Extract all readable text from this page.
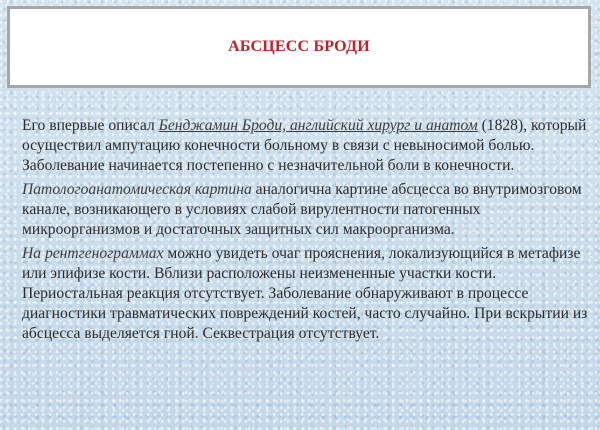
АБСЦЕСС БРОДИ

Его впервые описал Бенджамин Броди, английский хирург и анатом (1828), который осуществил ампутацию конечности больному в связи с невыносимой болью. Заболевание начинается постепенно с незначительной боли в конечности.

Патологоанатомическая картина аналогична картине абсцесса во внутримозговом канале, возникающего в условиях слабой вирулентности патогенных микроорганизмов и достаточных защитных сил макроорганизма.

На рентгенограммах можно увидеть очаг прояснения, локализующийся в метафизе или эпифизе кости. Вблизи расположены неизмененные участки кости. Периостальная реакция отсутствует. Заболевание обнаруживают в процессе диагностики травматических повреждений костей, часто случайно. При вскрытии из абсцесса выделяется гной. Секвестрация отсутствует.
